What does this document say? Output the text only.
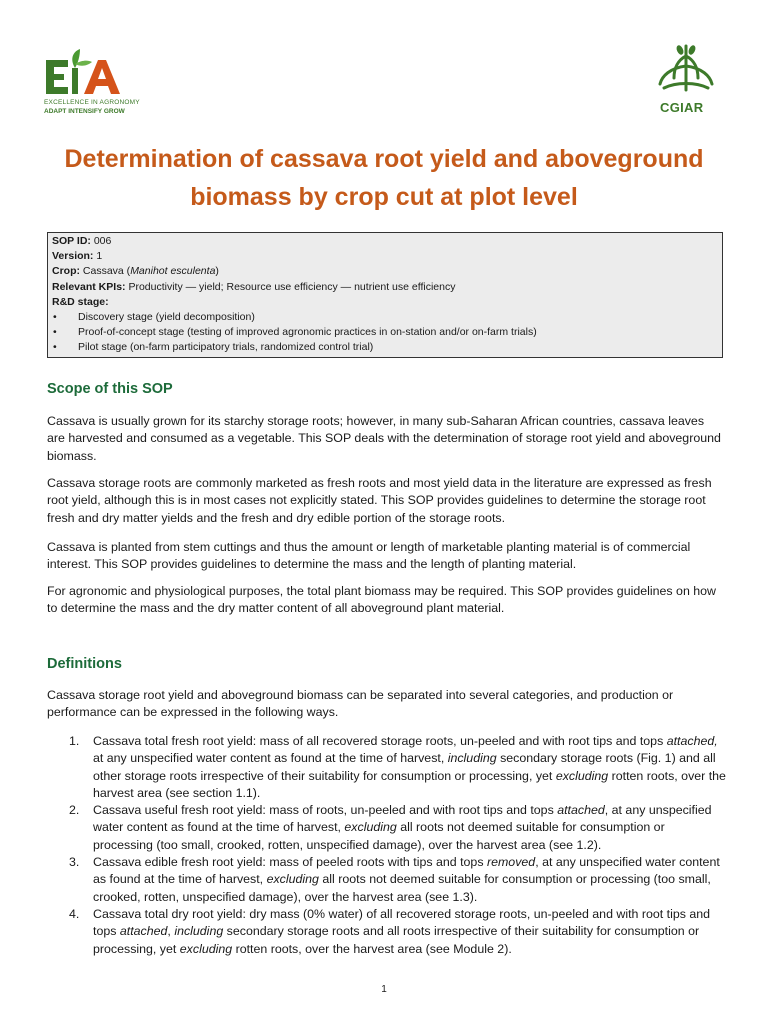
EXCELLENCE IN AGRONOMY
ADAPT INTENSIFY GROW	CGIAR
Determination of cassava root yield and aboveground biomass by crop cut at plot level
SOP ID: 006
Version: 1
Crop: Cassava (Manihot esculenta)
Relevant KPIs: Productivity — yield; Resource use efficiency — nutrient use efficiency
R&D stage:
• Discovery stage (yield decomposition)
• Proof-of-concept stage (testing of improved agronomic practices in on-station and/or on-farm trials)
• Pilot stage (on-farm participatory trials, randomized control trial)
Scope of this SOP

Cassava is usually grown for its starchy storage roots; however, in many sub-Saharan African countries, cassava leaves are harvested and consumed as a vegetable. This SOP deals with the determination of storage root yield and aboveground biomass.

Cassava storage roots are commonly marketed as fresh roots and most yield data in the literature are expressed as fresh root yield, although this is in most cases not explicitly stated. This SOP provides guidelines to determine the storage root fresh and dry matter yields and the fresh and dry edible portion of the storage roots.

Cassava is planted from stem cuttings and thus the amount or length of marketable planting material is of commercial interest. This SOP provides guidelines to determine the mass and the length of planting material.

For agronomic and physiological purposes, the total plant biomass may be required. This SOP provides guidelines on how to determine the mass and the dry matter content of all aboveground plant material.

Definitions

Cassava storage root yield and aboveground biomass can be separated into several categories, and production or performance can be expressed in the following ways.

1. Cassava total fresh root yield: mass of all recovered storage roots, un-peeled and with root tips and tops attached, at any unspecified water content as found at the time of harvest, including secondary storage roots (Fig. 1) and all other storage roots irrespective of their suitability for consumption or processing, yet excluding rotten roots, over the harvest area (see section 1.1).
2. Cassava useful fresh root yield: mass of roots, un-peeled and with root tips and tops attached, at any unspecified water content as found at the time of harvest, excluding all roots not deemed suitable for consumption or processing (too small, crooked, rotten, unspecified damage), over the harvest area (see 1.2).
3. Cassava edible fresh root yield: mass of peeled roots with tips and tops removed, at any unspecified water content as found at the time of harvest, excluding all roots not deemed suitable for consumption or processing (too small, crooked, rotten, unspecified damage), over the harvest area (see 1.3).
4. Cassava total dry root yield: dry mass (0% water) of all recovered storage roots, un-peeled and with root tips and tops attached, including secondary storage roots and all roots irrespective of their suitability for consumption or processing, yet excluding rotten roots, over the harvest area (see Module 2).
1
